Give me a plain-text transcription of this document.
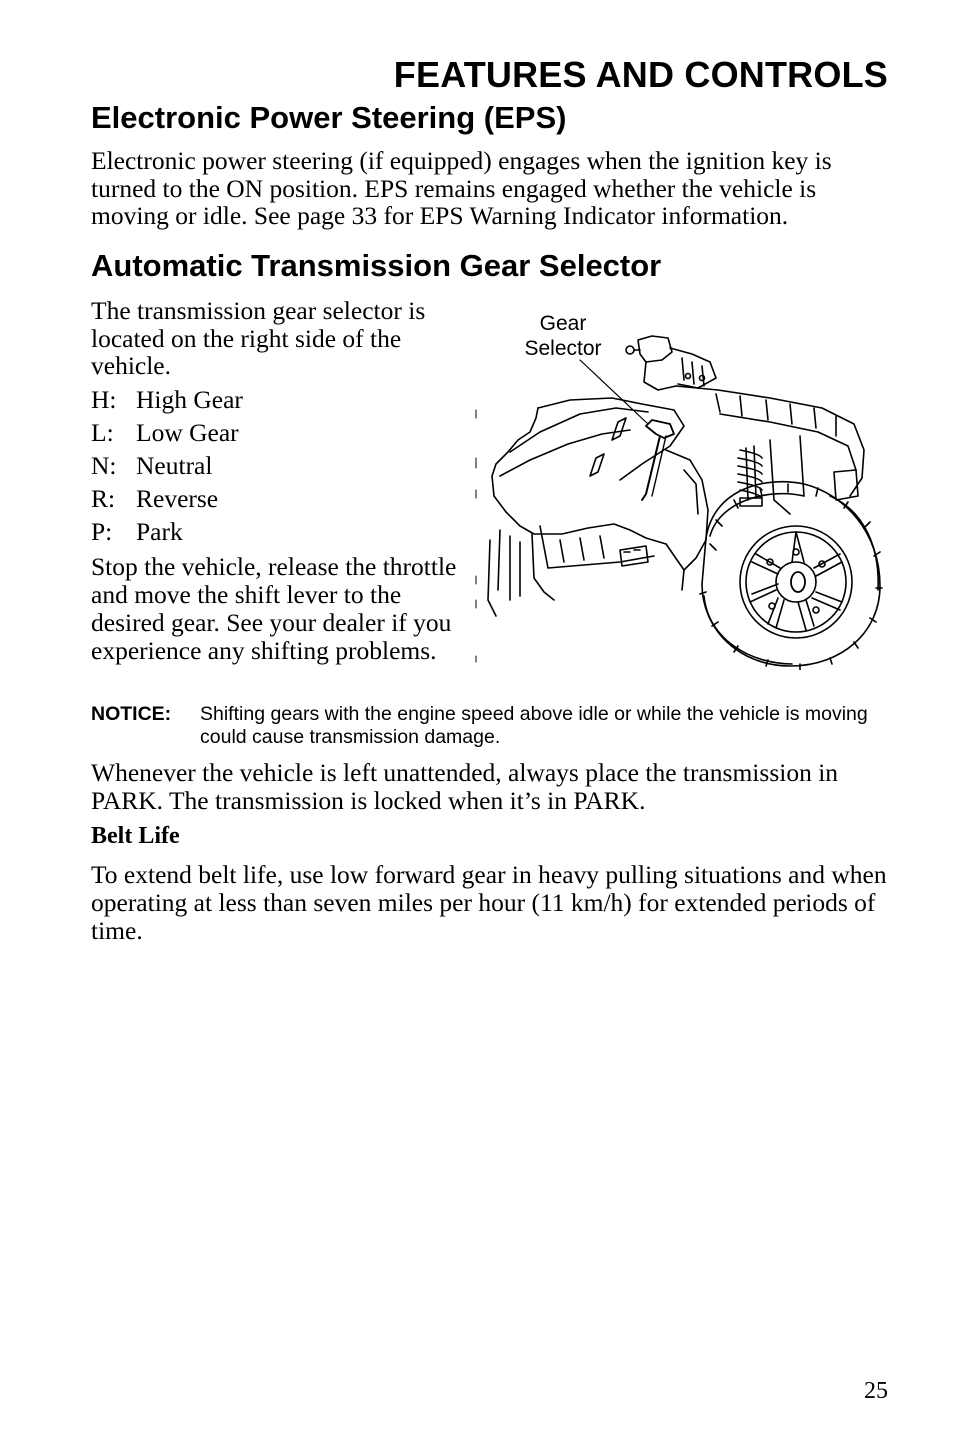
FEATURES AND CONTROLS
Electronic Power Steering (EPS)

Electronic power steering (if equipped) engages when the ignition key is turned to the ON position. EPS remains engaged whether the vehicle is moving or idle. See page 33 for EPS Warning Indicator information.

Automatic Transmission Gear Selector

The transmission gear selector is located on the right side of the vehicle.

H: High Gear
L: Low Gear
N: Neutral
R: Reverse
P: Park

Stop the vehicle, release the throttle and move the shift lever to the desired gear. See your dealer if you experience any shifting problems.

Gear
Selector
NOTICE:	Shifting gears with the engine speed above idle or while the vehicle is moving could cause transmission damage.

Whenever the vehicle is left unattended, always place the transmission in PARK. The transmission is locked when it’s in PARK.

Belt Life

To extend belt life, use low forward gear in heavy pulling situations and when operating at less than seven miles per hour (11 km/h) for extended periods of time.

25
